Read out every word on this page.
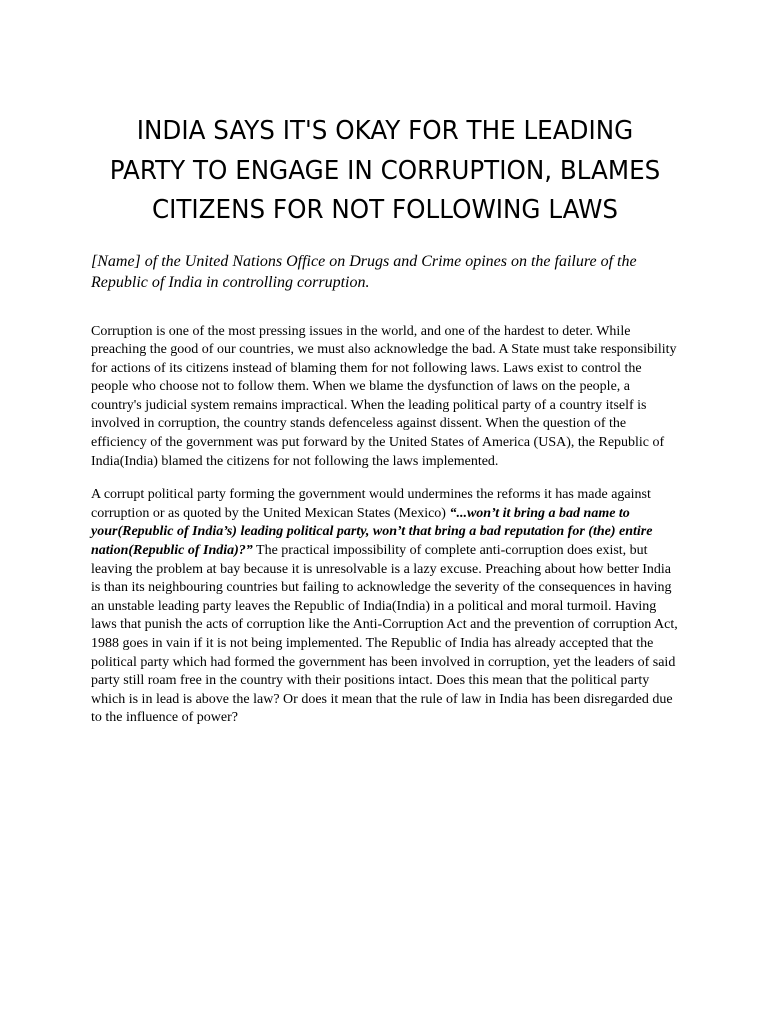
INDIA SAYS IT'S OKAY FOR THE LEADING PARTY TO ENGAGE IN CORRUPTION, BLAMES CITIZENS FOR NOT FOLLOWING LAWS

[Name] of the United Nations Office on Drugs and Crime opines on the failure of the Republic of India in controlling corruption.

Corruption is one of the most pressing issues in the world, and one of the hardest to deter. While preaching the good of our countries, we must also acknowledge the bad. A State must take responsibility for actions of its citizens instead of blaming them for not following laws. Laws exist to control the people who choose not to follow them. When we blame the dysfunction of laws on the people, a country's judicial system remains impractical. When the leading political party of a country itself is involved in corruption, the country stands defenceless against dissent. When the question of the efficiency of the government was put forward by the United States of America (USA), the Republic of India(India) blamed the citizens for not following the laws implemented.

A corrupt political party forming the government would undermines the reforms it has made against corruption or as quoted by the United Mexican States (Mexico) “...won’t it bring a bad name to your(Republic of India’s) leading political party, won’t that bring a bad reputation for (the) entire nation(Republic of India)?” The practical impossibility of complete anti-corruption does exist, but leaving the problem at bay because it is unresolvable is a lazy excuse. Preaching about how better India is than its neighbouring countries but failing to acknowledge the severity of the consequences in having an unstable leading party leaves the Republic of India(India) in a political and moral turmoil. Having laws that punish the acts of corruption like the Anti-Corruption Act and the prevention of corruption Act, 1988 goes in vain if it is not being implemented. The Republic of India has already accepted that the political party which had formed the government has been involved in corruption, yet the leaders of said party still roam free in the country with their positions intact. Does this mean that the political party which is in lead is above the law? Or does it mean that the rule of law in India has been disregarded due to the influence of power?
